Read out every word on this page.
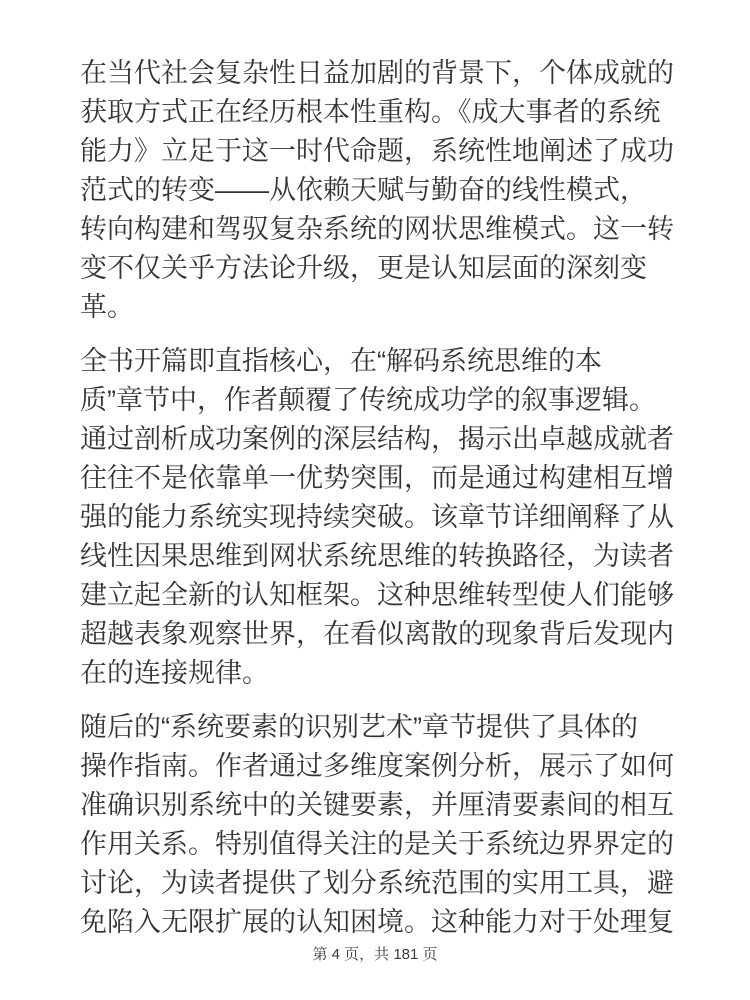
在当代社会复杂性日益加剧的背景下，个体成就的
获取方式正在经历根本性重构。《成大事者的系统
能力》立足于这一时代命题，系统性地阐述了成功
范式的转变——从依赖天赋与勤奋的线性模式，
转向构建和驾驭复杂系统的网状思维模式。这一转
变不仅关乎方法论升级，更是认知层面的深刻变
革。
全书开篇即直指核心，在“解码系统思维的本
质”章节中，作者颠覆了传统成功学的叙事逻辑。
通过剖析成功案例的深层结构，揭示出卓越成就者
往往不是依靠单一优势突围，而是通过构建相互增
强的能力系统实现持续突破。该章节详细阐释了从
线性因果思维到网状系统思维的转换路径，为读者
建立起全新的认知框架。这种思维转型使人们能够
超越表象观察世界，在看似离散的现象背后发现内
在的连接规律。
随后的“系统要素的识别艺术”章节提供了具体的
操作指南。作者通过多维度案例分析，展示了如何
准确识别系统中的关键要素，并厘清要素间的相互
作用关系。特别值得关注的是关于系统边界界定的
讨论，为读者提供了划分系统范围的实用工具，避
免陷入无限扩展的认知困境。这种能力对于处理复
第 4 页，共 181 页
